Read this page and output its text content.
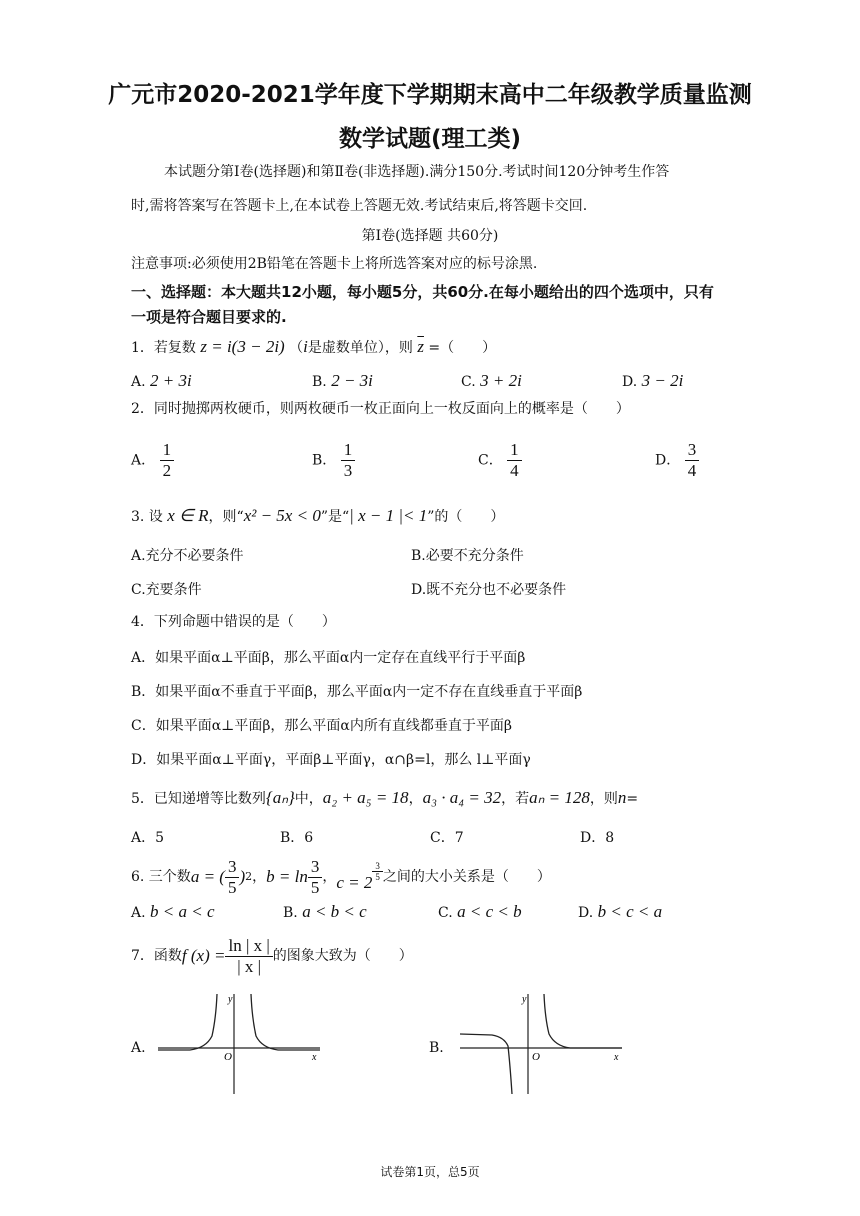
广元市2020-2021学年度下学期期末高中二年级教学质量监测
数学试题(理工类)
本试题分第Ⅰ卷(选择题)和第Ⅱ卷(非选择题).满分150分.考试时间120分钟考生作答
时,需将答案写在答题卡上,在本试卷上答题无效.考试结束后,将答题卡交回.
第Ⅰ卷(选择题 共60分)
注意事项:必须使用2B铅笔在答题卡上将所选答案对应的标号涂黑.
一、选择题：本大题共12小题，每小题5分，共60分.在每小题给出的四个选项中，只有
一项是符合题目要求的.
1．若复数 z = i(3 − 2i) （i是虚数单位），则 $\overline{z}$ =（　　）
A. 2 + 3i	B. 2 − 3i	C. 3 + 2i	D. 3 − 2i
2．同时抛掷两枚硬币，则两枚硬币一枚正面向上一枚反面向上的概率是（　　）
A． $\frac{1}{2}$	B． $\frac{1}{3}$	C． $\frac{1}{4}$	D． $\frac{3}{4}$
3. 设 x ∈ R，则“x² − 5x < 0”是“| x − 1 |< 1”的（　　）
A.充分不必要条件	B.必要不充分条件
C.充要条件	D.既不充分也不必要条件
4．下列命题中错误的是（　　）
A．如果平面α⊥平面β，那么平面α内一定存在直线平行于平面β
B．如果平面α不垂直于平面β，那么平面α内一定不存在直线垂直于平面β
C．如果平面α⊥平面β，那么平面α内所有直线都垂直于平面β
D．如果平面α⊥平面γ，平面β⊥平面γ，α∩β=l，那么 l⊥平面γ
5．已知递增等比数列{aₙ}中，a₂ + a₅ = 18，a₃ · a₄ = 32，若aₙ = 128，则n=
A．5	B．6	C．7	D．8
6. 三个数 a = ( $\frac{3}{5}$ ) 2 ， $b = \ln \frac{3}{5}$ ， c = 2
$\frac{3}{5}$ 之间的大小关系是（　　）
A. b < a < c	B. a < b < c	C. a < c < b	D. b < c < a
7．函数 f $(x) = \frac{\ln | x |}{| x |}$ 的图象大致为（　　）
A.
y
x
O
B.
y
x
O
试卷第1页，总5页
